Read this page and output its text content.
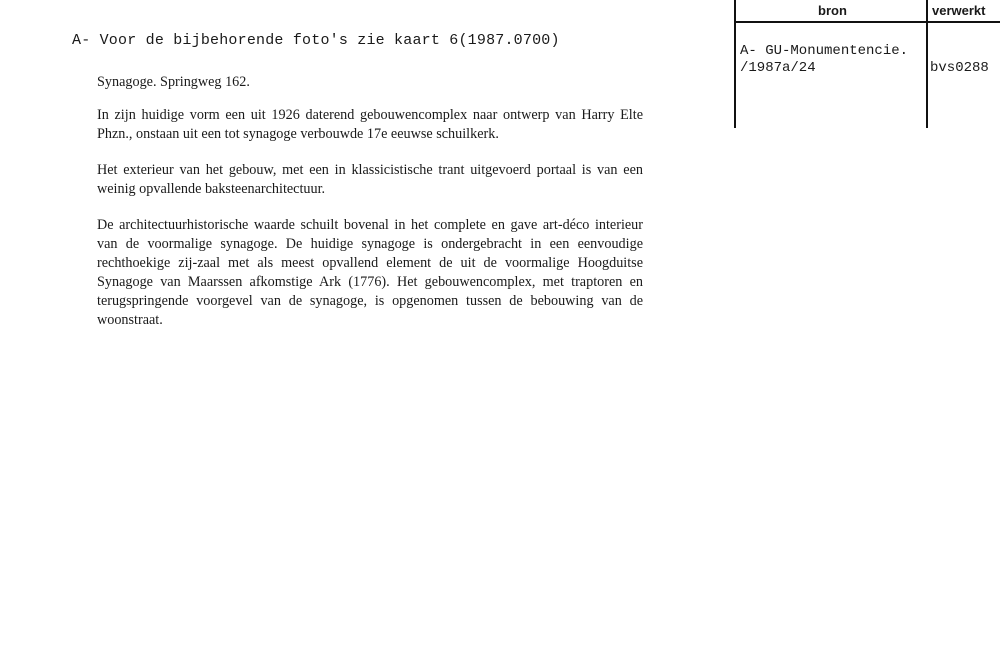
A- Voor de bijbehorende foto's zie kaart 6(1987.0700)

Synagoge. Springweg 162.

In zijn huidige vorm een uit 1926 daterend gebouwencomplex naar ontwerp van Harry Elte Phzn., onstaan uit een tot synagoge verbouwde 17e eeuwse schuilkerk.

Het exterieur van het gebouw, met een in klassicistische trant uitgevoerd portaal is van een weinig opvallende baksteenarchitectuur.

De architectuurhistorische waarde schuilt bovenal in het complete en gave art-déco interieur van de voormalige synagoge. De huidige synagoge is ondergebracht in een eenvoudige rechthoekige zij-zaal met als meest opvallend element de uit de voormalige Hoogduitse Synagoge van Maarssen afkomstige Ark (1776). Het gebouwencomplex, met traptoren en terugspringende voorgevel van de synagoge, is opgenomen tussen de bebouwing van de woonstraat.

bron	verwerkt
A- GU-Monumentencie.
/1987a/24	bvs0288
